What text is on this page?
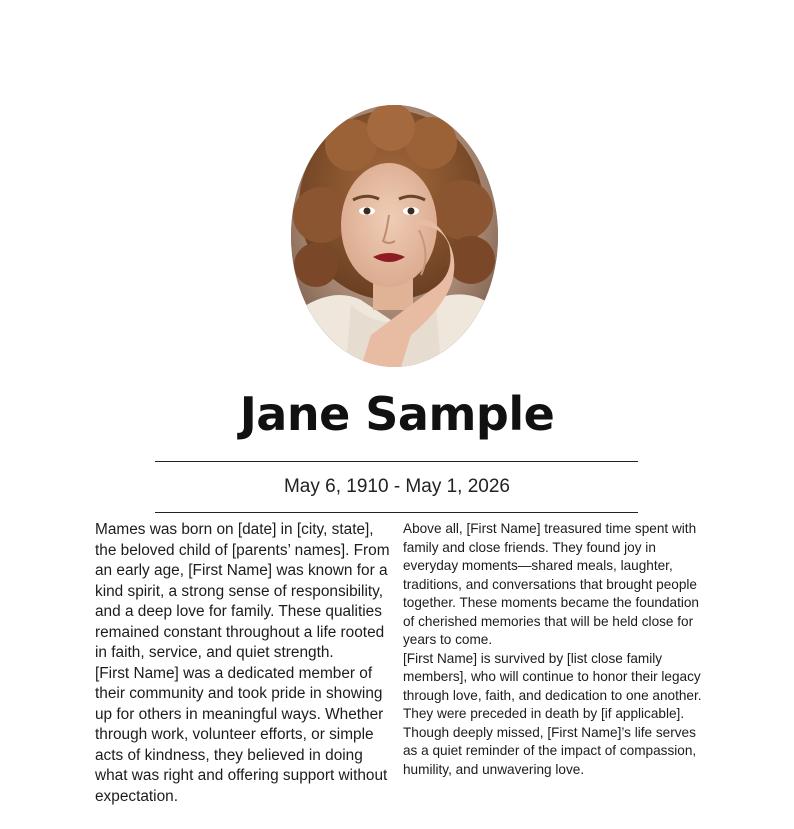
Jane Sample
May 6, 1910 - May 1, 2026

Mames was born on [date] in [city, state], the beloved child of [parents’ names]. From an early age, [First Name] was known for a kind spirit, a strong sense of responsibility, and a deep love for family. These qualities remained constant throughout a life rooted in faith, service, and quiet strength.

[First Name] was a dedicated member of their community and took pride in showing up for others in meaningful ways. Whether through work, volunteer efforts, or simple acts of kindness, they believed in doing what was right and offering support without expectation.

Above all, [First Name] treasured time spent with family and close friends. They found joy in everyday moments—shared meals, laughter, traditions, and conversations that brought people together. These moments became the foundation of cherished memories that will be held close for years to come.

[First Name] is survived by [list close family members], who will continue to honor their legacy through love, faith, and dedication to one another. They were preceded in death by [if applicable]. Though deeply missed, [First Name]’s life serves as a quiet reminder of the impact of compassion, humility, and unwavering love.
